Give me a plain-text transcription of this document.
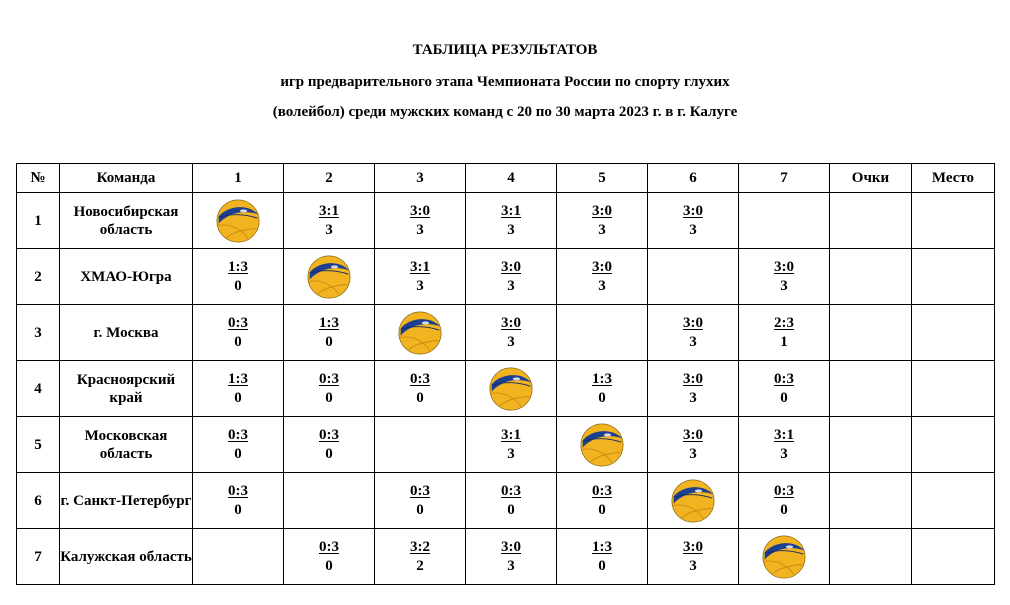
ТАБЛИЦА РЕЗУЛЬТАТОВ
игр предварительного этапа Чемпионата России по спорту глухих
(волейбол) среди мужских команд с 20 по 30 марта 2023 г. в г. Калуге
№	Команда	1	2	3	4	5	6	7	Очки	Место
1	Новосибирская область		$\frac{3:1}{3}$	$\frac{3:0}{3}$	$\frac{3:1}{3}$	$\frac{3:0}{3}$	$\frac{3:0}{3}$

2	ХМАО-Югра	$\frac{1:3}{0}$		$\frac{3:1}{3}$	$\frac{3:0}{3}$	$\frac{3:0}{3}$		$\frac{3:0}{3}$

3	г. Москва	$\frac{0:3}{0}$	$\frac{1:3}{0}$		$\frac{3:0}{3}$		$\frac{3:0}{3}$	$\frac{2:3}{1}$

4	Красноярский край	$\frac{1:3}{0}$	$\frac{0:3}{0}$	$\frac{0:3}{0}$		$\frac{1:3}{0}$	$\frac{3:0}{3}$	$\frac{0:3}{0}$

5	Московская область	$\frac{0:3}{0}$	$\frac{0:3}{0}$		$\frac{3:1}{3}$		$\frac{3:0}{3}$	$\frac{3:1}{3}$

6	г. Санкт-Петербург	$\frac{0:3}{0}$		$\frac{0:3}{0}$	$\frac{0:3}{0}$	$\frac{0:3}{0}$		$\frac{0:3}{0}$

7	Калужская область		$\frac{0:3}{0}$	$\frac{3:2}{2}$	$\frac{3:0}{3}$	$\frac{1:3}{0}$	$\frac{3:0}{3}$
